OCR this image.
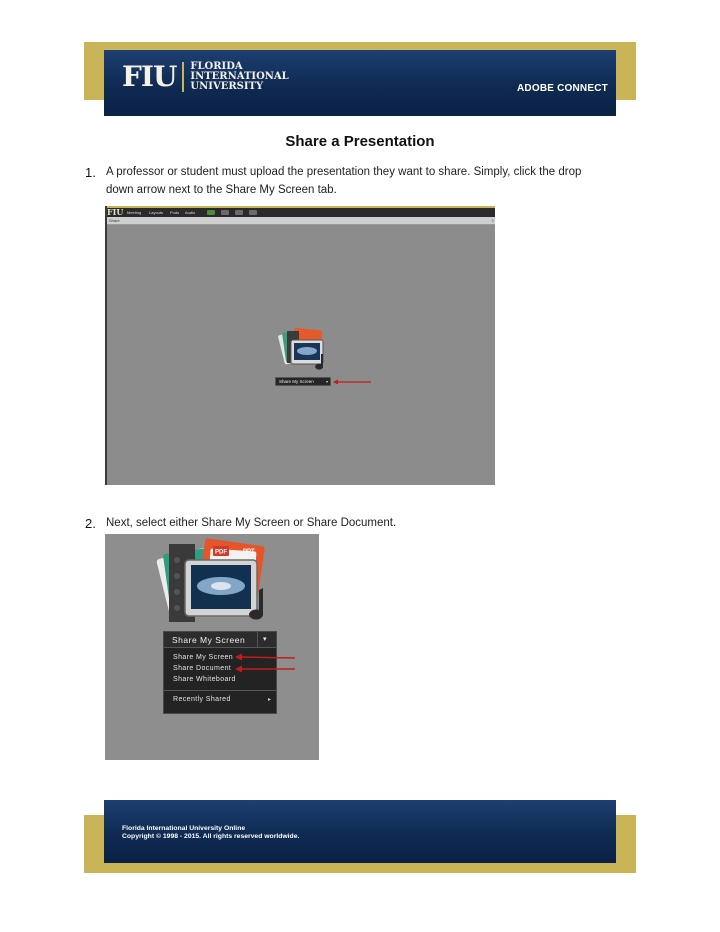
FIU FLORIDA
INTERNATIONAL
UNIVERSITY	ADOBE CONNECT
Share a Presentation
1. A professor or student must upload the presentation they want to share. Simply, click the drop
down arrow next to the Share My Screen tab.
FIU Meeting Layouts Pods Audio
Share	≡
Share My Screen	▾
2. Next, select either Share My Screen or Share Document.
PPT
PDF
Share My Screen	▾
Share My Screen
Share Document
Share Whiteboard
Recently Shared	▸
Florida International University Online
Copyright © 1998 - 2015. All rights reserved worldwide.
